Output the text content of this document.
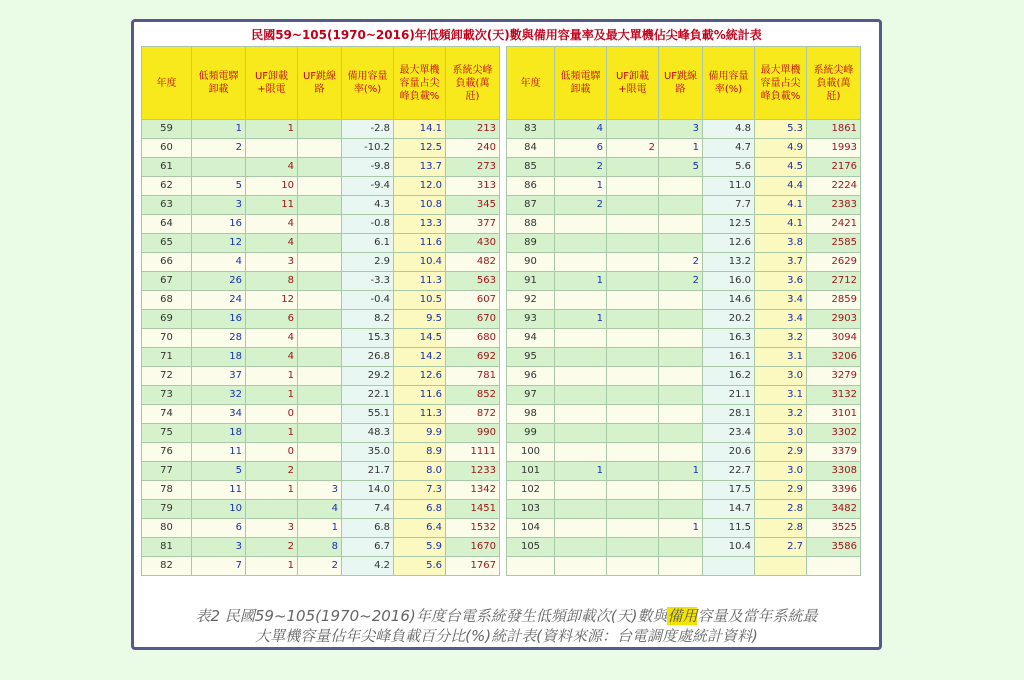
民國59~105(1970~2016)年低頻卸載次(天)數與備用容量率及最大單機佔尖峰負載%統計表
年度	低頻電驛卸載	UF卸載+限電	UF跳線路	備用容量率(%)	最大單機容量占尖峰負載%	系統尖峰負載(萬瓩)
59	1	1		-2.8	14.1	213
60	2			-10.2	12.5	240
61		4		-9.8	13.7	273
62	5	10		-9.4	12.0	313
63	3	11		4.3	10.8	345
64	16	4		-0.8	13.3	377
65	12	4		6.1	11.6	430
66	4	3		2.9	10.4	482
67	26	8		-3.3	11.3	563
68	24	12		-0.4	10.5	607
69	16	6		8.2	9.5	670
70	28	4		15.3	14.5	680
71	18	4		26.8	14.2	692
72	37	1		29.2	12.6	781
73	32	1		22.1	11.6	852
74	34	0		55.1	11.3	872
75	18	1		48.3	9.9	990
76	11	0		35.0	8.9	1111
77	5	2		21.7	8.0	1233
78	11	1	3	14.0	7.3	1342
79	10		4	7.4	6.8	1451
80	6	3	1	6.8	6.4	1532
81	3	2	8	6.7	5.9	1670
82	7	1	2	4.2	5.6	1767
年度	低頻電驛卸載	UF卸載+限電	UF跳線路	備用容量率(%)	最大單機容量占尖峰負載%	系統尖峰負載(萬瓩)
83	4		3	4.8	5.3	1861
84	6	2	1	4.7	4.9	1993
85	2		5	5.6	4.5	2176
86	1			11.0	4.4	2224
87	2			7.7	4.1	2383
88				12.5	4.1	2421
89				12.6	3.8	2585
90			2	13.2	3.7	2629
91	1		2	16.0	3.6	2712
92				14.6	3.4	2859
93	1			20.2	3.4	2903
94				16.3	3.2	3094
95				16.1	3.1	3206
96				16.2	3.0	3279
97				21.1	3.1	3132
98				28.1	3.2	3101
99				23.4	3.0	3302
100				20.6	2.9	3379
101	1		1	22.7	3.0	3308
102				17.5	2.9	3396
103				14.7	2.8	3482
104			1	11.5	2.8	3525
105				10.4	2.7	3586

表2 民國59~105(1970~2016)年度台電系統發生低頻卸載次(天)數與備用容量及當年系統最
大單機容量佔年尖峰負載百分比(%)統計表(資料來源：台電調度處統計資料)
